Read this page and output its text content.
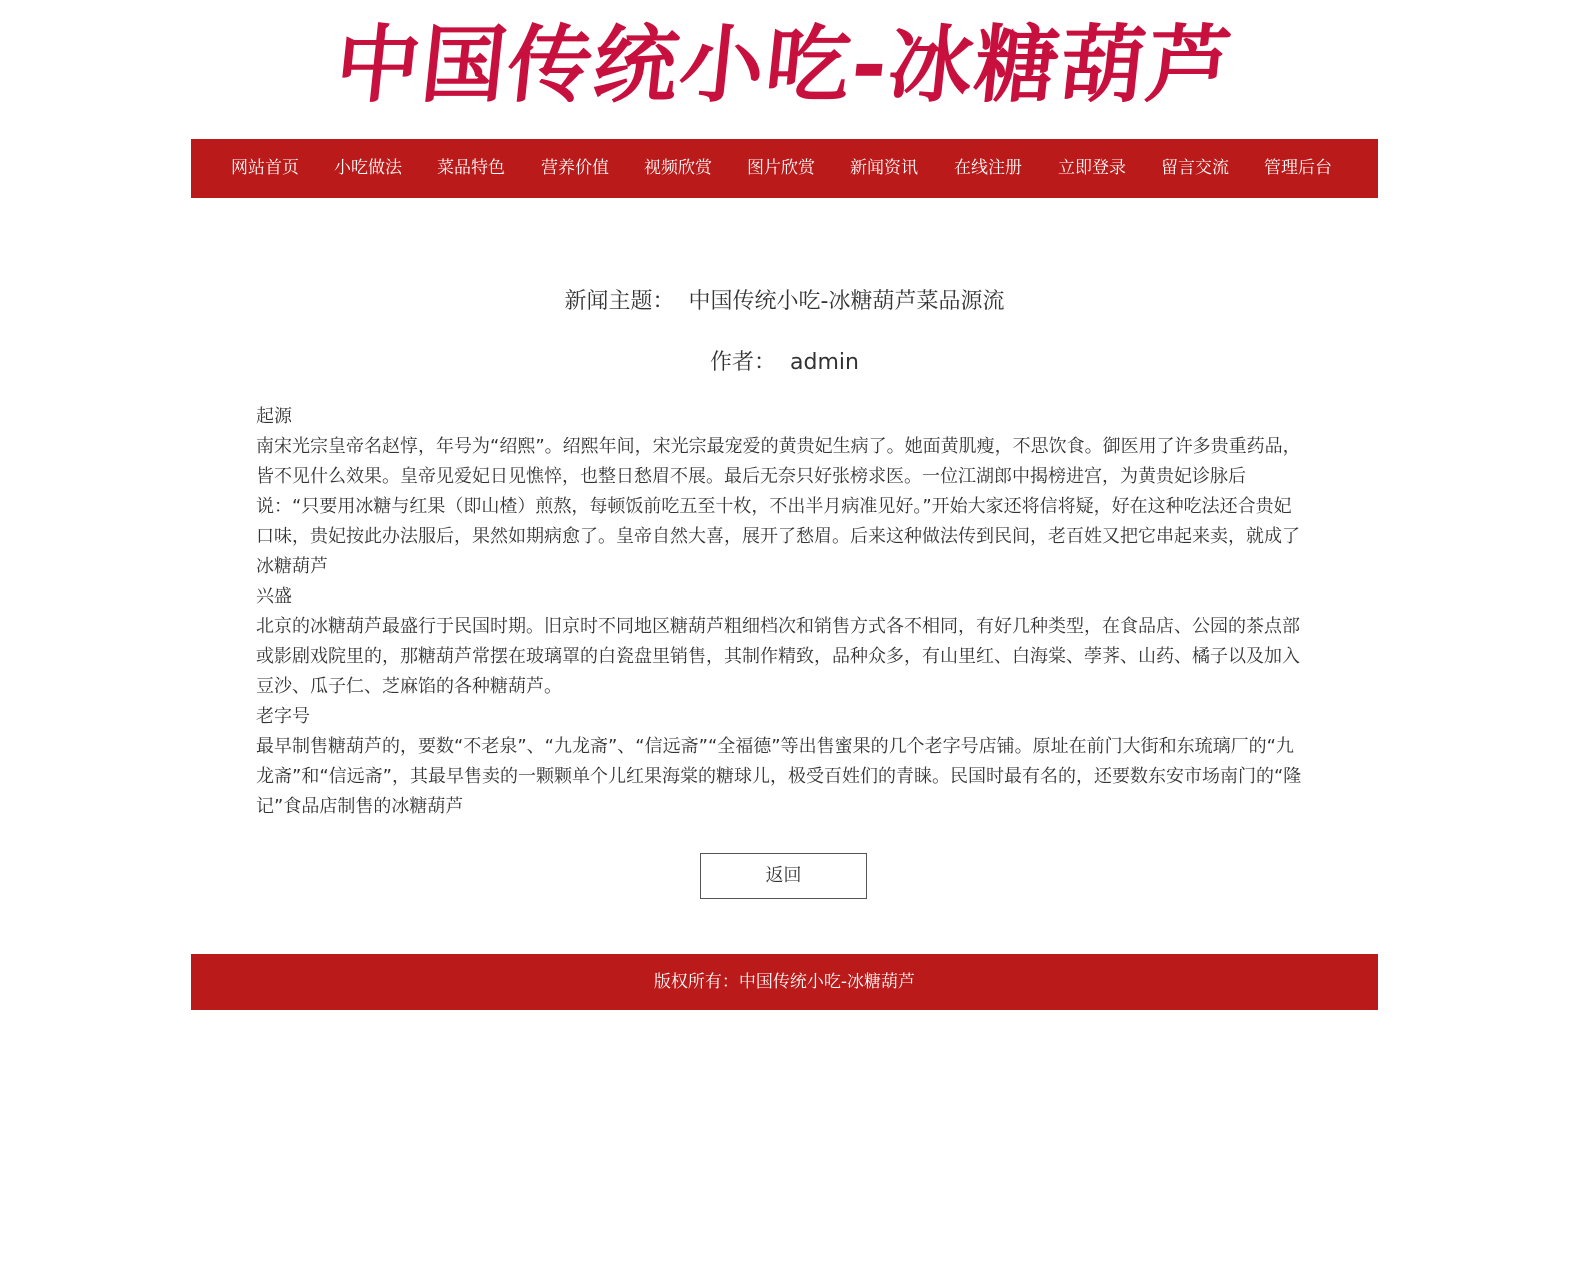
中国传统小吃-冰糖葫芦
网站首页 小吃做法 菜品特色 营养价值 视频欣赏 图片欣赏 新闻资讯 在线注册 立即登录 留言交流 管理后台
新闻主题： 中国传统小吃-冰糖葫芦菜品源流
作者： admin

起源

南宋光宗皇帝名赵惇，年号为“绍熙”。绍熙年间，宋光宗最宠爱的黄贵妃生病了。她面黄肌瘦，不思饮食。御医用了许多贵重药品，皆不见什么效果。皇帝见爱妃日见憔悴，也整日愁眉不展。最后无奈只好张榜求医。一位江湖郎中揭榜进宫，为黄贵妃诊脉后说：“只要用冰糖与红果（即山楂）煎熬，每顿饭前吃五至十枚，不出半月病准见好。”开始大家还将信将疑，好在这种吃法还合贵妃口味，贵妃按此办法服后，果然如期病愈了。皇帝自然大喜，展开了愁眉。后来这种做法传到民间，老百姓又把它串起来卖，就成了冰糖葫芦

兴盛

北京的冰糖葫芦最盛行于民国时期。旧京时不同地区糖葫芦粗细档次和销售方式各不相同，有好几种类型，在食品店、公园的茶点部或影剧戏院里的，那糖葫芦常摆在玻璃罩的白瓷盘里销售，其制作精致，品种众多，有山里红、白海棠、荸荠、山药、橘子以及加入豆沙、瓜子仁、芝麻馅的各种糖葫芦。

老字号

最早制售糖葫芦的，要数“不老泉”、“九龙斋”、“信远斋”“全福德”等出售蜜果的几个老字号店铺。原址在前门大街和东琉璃厂的“九龙斋”和“信远斋”，其最早售卖的一颗颗单个儿红果海棠的糖球儿，极受百姓们的青睐。民国时最有名的，还要数东安市场南门的“隆记”食品店制售的冰糖葫芦

返回
版权所有：中国传统小吃-冰糖葫芦
